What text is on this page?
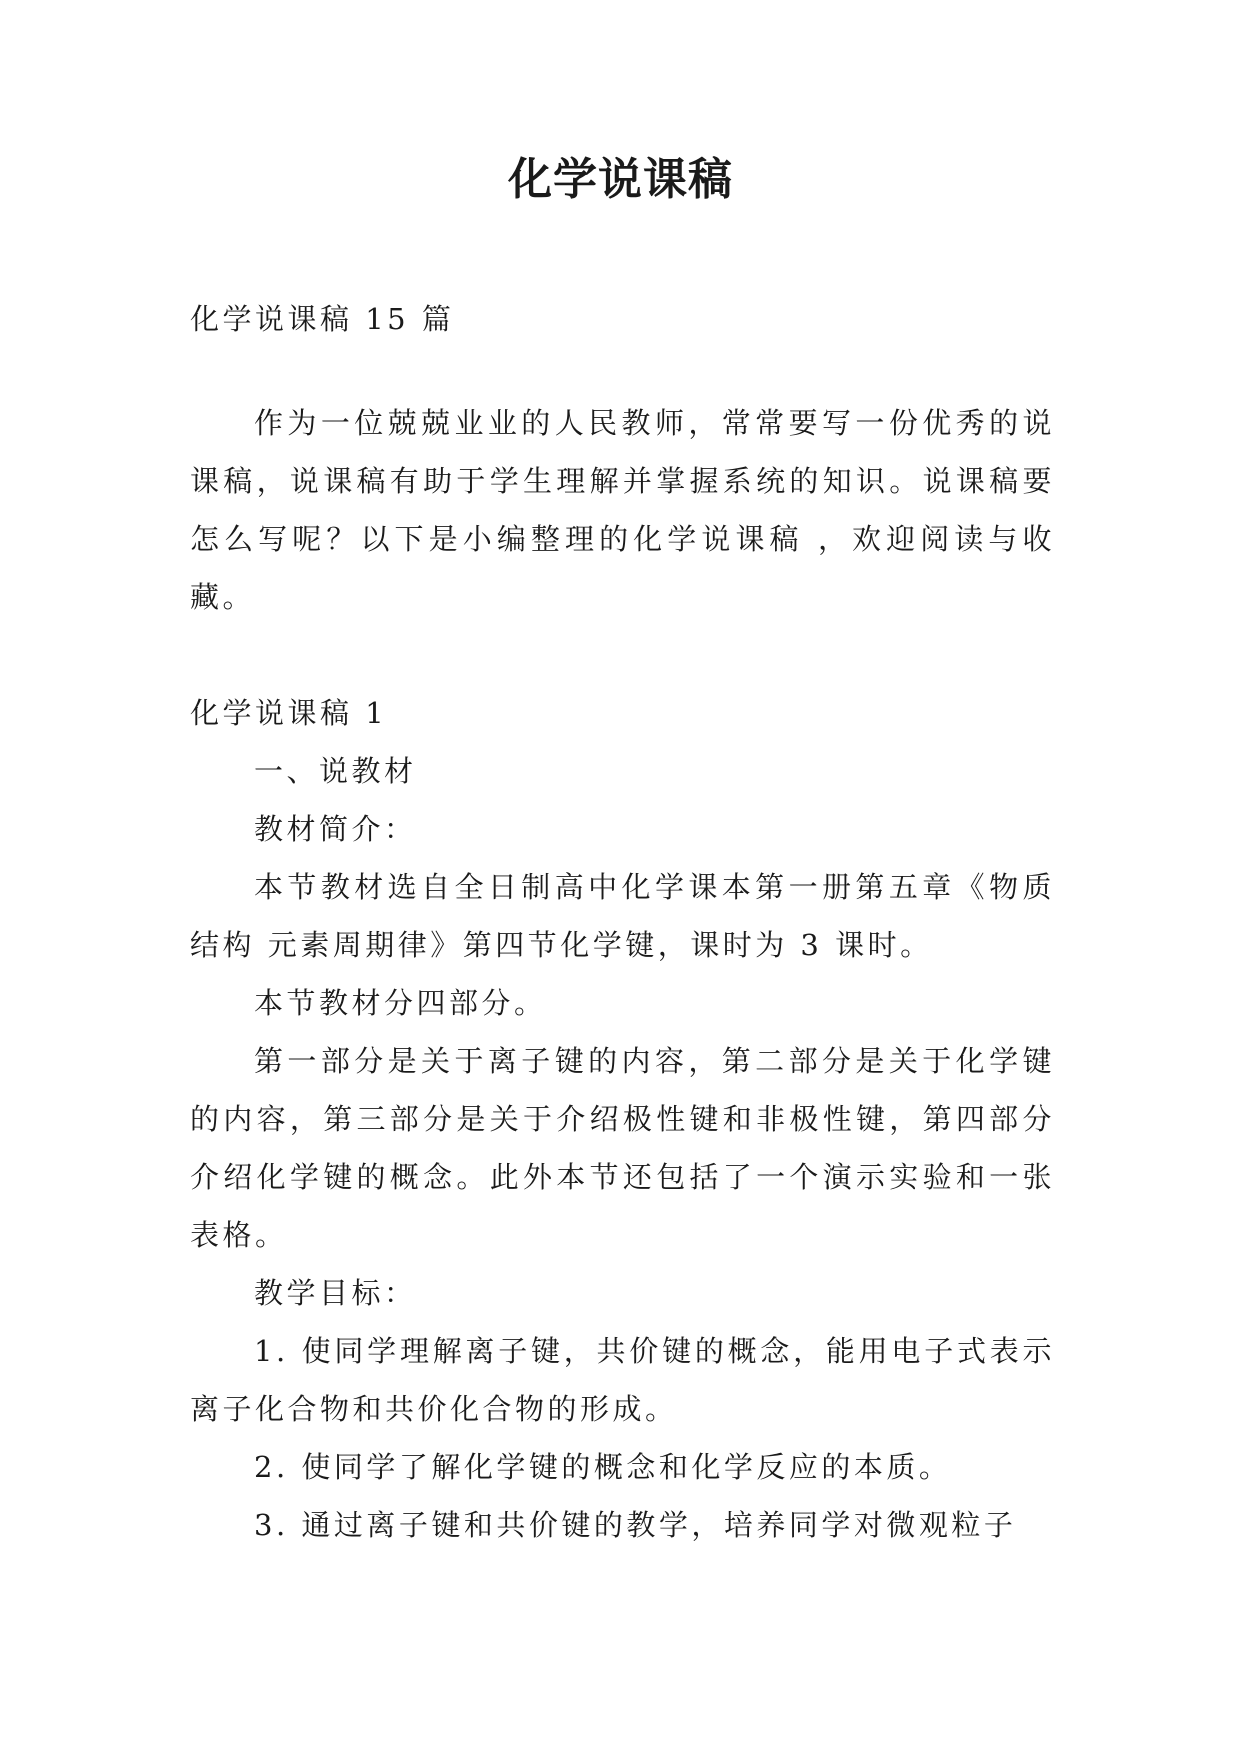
化学说课稿

化学说课稿 15 篇

作为一位兢兢业业的人民教师，常常要写一份优秀的说课稿，说课稿有助于学生理解并掌握系统的知识。说课稿要怎么写呢？以下是小编整理的化学说课稿 ，欢迎阅读与收藏。

化学说课稿 1

一、说教材

教材简介：

本节教材选自全日制高中化学课本第一册第五章《物质结构 元素周期律》第四节化学键，课时为 3 课时。

本节教材分四部分。

第一部分是关于离子键的内容，第二部分是关于化学键的内容，第三部分是关于介绍极性键和非极性键，第四部分介绍化学键的概念。此外本节还包括了一个演示实验和一张表格。

教学目标：

1. 使同学理解离子键，共价键的概念，能用电子式表示离子化合物和共价化合物的形成。

2. 使同学了解化学键的概念和化学反应的本质。

3. 通过离子键和共价键的教学，培养同学对微观粒子
